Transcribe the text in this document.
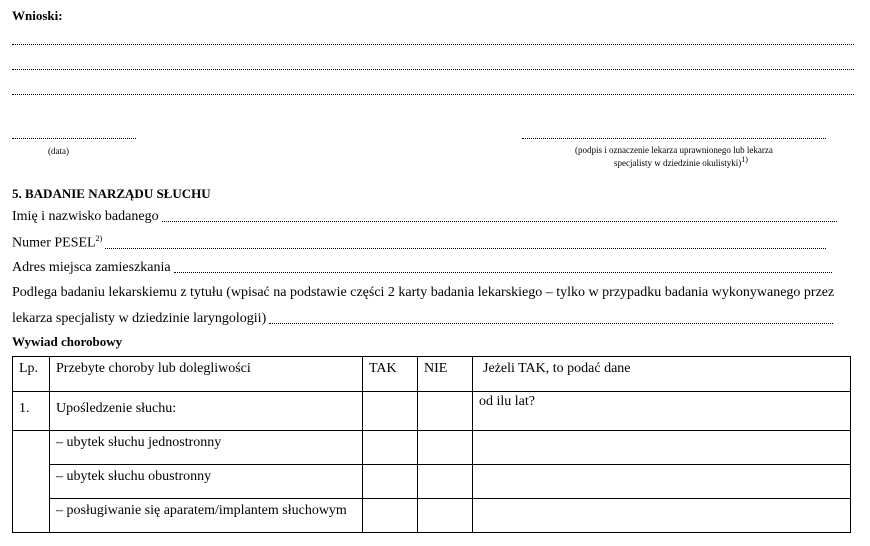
Wnioski:
(data)	(podpis i oznaczenie lekarza uprawnionego lub lekarza
specjalisty w dziedzinie okulistyki)$^{1)}$
5. BADANIE NARZĄDU SŁUCHU
Imię i nazwisko badanego
Numer PESEL$^{2)}$
Adres miejsca zamieszkania
Podlega badaniu lekarskiemu z tytułu (wpisać na podstawie części 2 karty badania lekarskiego – tylko w przypadku badania wykonywanego przez
lekarza specjalisty w dziedzinie laryngologii)
Wywiad chorobowy
Lp.	Przebyte choroby lub dolegliwości	TAK	NIE	Jeżeli TAK, to podać dane
1.	Upośledzenie słuchu:			od ilu lat?
	– ubytek słuchu jednostronny			
	– ubytek słuchu obustronny			
	– posługiwanie się aparatem/implantem słuchowym			
